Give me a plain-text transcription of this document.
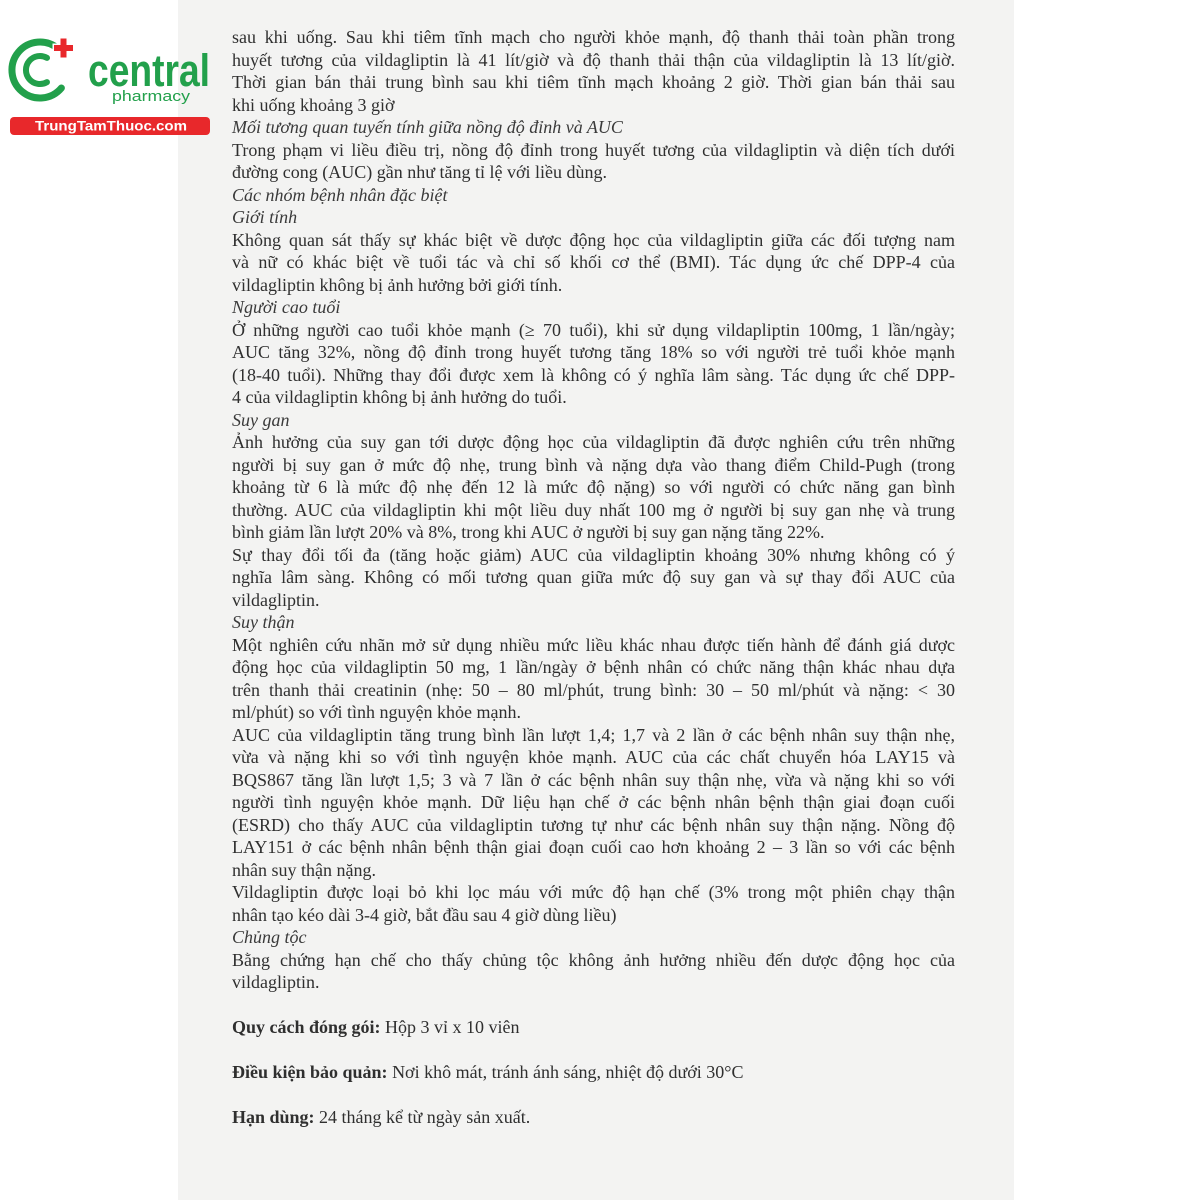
central
pharmacy
TrungTamThuoc.com
sau khi uống. Sau khi tiêm tĩnh mạch cho người khỏe mạnh, độ thanh thải toàn phần trong
huyết tương của vildagliptin là 41 lít/giờ và độ thanh thải thận của vildagliptin là 13 lít/giờ.
Thời gian bán thải trung bình sau khi tiêm tĩnh mạch khoảng 2 giờ. Thời gian bán thải sau
khi uống khoảng 3 giờ
Mối tương quan tuyến tính giữa nồng độ đỉnh và AUC
Trong phạm vi liều điều trị, nồng độ đỉnh trong huyết tương của vildagliptin và diện tích dưới
đường cong (AUC) gần như tăng tỉ lệ với liều dùng.
Các nhóm bệnh nhân đặc biệt
Giới tính
Không quan sát thấy sự khác biệt về dược động học của vildagliptin giữa các đối tượng nam
và nữ có khác biệt về tuổi tác và chỉ số khối cơ thể (BMI). Tác dụng ức chế DPP-4 của
vildagliptin không bị ảnh hưởng bởi giới tính.
Người cao tuổi
Ở những người cao tuổi khỏe mạnh (≥ 70 tuổi), khi sử dụng vildapliptin 100mg, 1 lần/ngày;
AUC tăng 32%, nồng độ đỉnh trong huyết tương tăng 18% so với người trẻ tuổi khỏe mạnh
(18-40 tuổi). Những thay đổi được xem là không có ý nghĩa lâm sàng. Tác dụng ức chế DPP-
4 của vildagliptin không bị ảnh hưởng do tuổi.
Suy gan
Ảnh hưởng của suy gan tới dược động học của vildagliptin đã được nghiên cứu trên những
người bị suy gan ở mức độ nhẹ, trung bình và nặng dựa vào thang điểm Child-Pugh (trong
khoảng từ 6 là mức độ nhẹ đến 12 là mức độ nặng) so với người có chức năng gan bình
thường. AUC của vildagliptin khi một liều duy nhất 100 mg ở người bị suy gan nhẹ và trung
bình giảm lần lượt 20% và 8%, trong khi AUC ở người bị suy gan nặng tăng 22%.
Sự thay đổi tối đa (tăng hoặc giảm) AUC của vildagliptin khoảng 30% nhưng không có ý
nghĩa lâm sàng. Không có mối tương quan giữa mức độ suy gan và sự thay đổi AUC của
vildagliptin.
Suy thận
Một nghiên cứu nhãn mở sử dụng nhiều mức liều khác nhau được tiến hành để đánh giá dược
động học của vildagliptin 50 mg, 1 lần/ngày ở bệnh nhân có chức năng thận khác nhau dựa
trên thanh thải creatinin (nhẹ: 50 – 80 ml/phút, trung bình: 30 – 50 ml/phút và nặng: < 30
ml/phút) so với tình nguyện khỏe mạnh.
AUC của vildagliptin tăng trung bình lần lượt 1,4; 1,7 và 2 lần ở các bệnh nhân suy thận nhẹ,
vừa và nặng khi so với tình nguyện khỏe mạnh. AUC của các chất chuyển hóa LAY15 và
BQS867 tăng lần lượt 1,5; 3 và 7 lần ở các bệnh nhân suy thận nhẹ, vừa và nặng khi so với
người tình nguyện khỏe mạnh. Dữ liệu hạn chế ở các bệnh nhân bệnh thận giai đoạn cuối
(ESRD) cho thấy AUC của vildagliptin tương tự như các bệnh nhân suy thận nặng. Nồng độ
LAY151 ở các bệnh nhân bệnh thận giai đoạn cuối cao hơn khoảng 2 – 3 lần so với các bệnh
nhân suy thận nặng.
Vildagliptin được loại bỏ khi lọc máu với mức độ hạn chế (3% trong một phiên chạy thận
nhân tạo kéo dài 3-4 giờ, bắt đầu sau 4 giờ dùng liều)
Chủng tộc
Bằng chứng hạn chế cho thấy chủng tộc không ảnh hưởng nhiều đến dược động học của
vildagliptin.
Quy cách đóng gói: Hộp 3 vỉ x 10 viên
Điều kiện bảo quản: Nơi khô mát, tránh ánh sáng, nhiệt độ dưới 30°C
Hạn dùng: 24 tháng kể từ ngày sản xuất.
